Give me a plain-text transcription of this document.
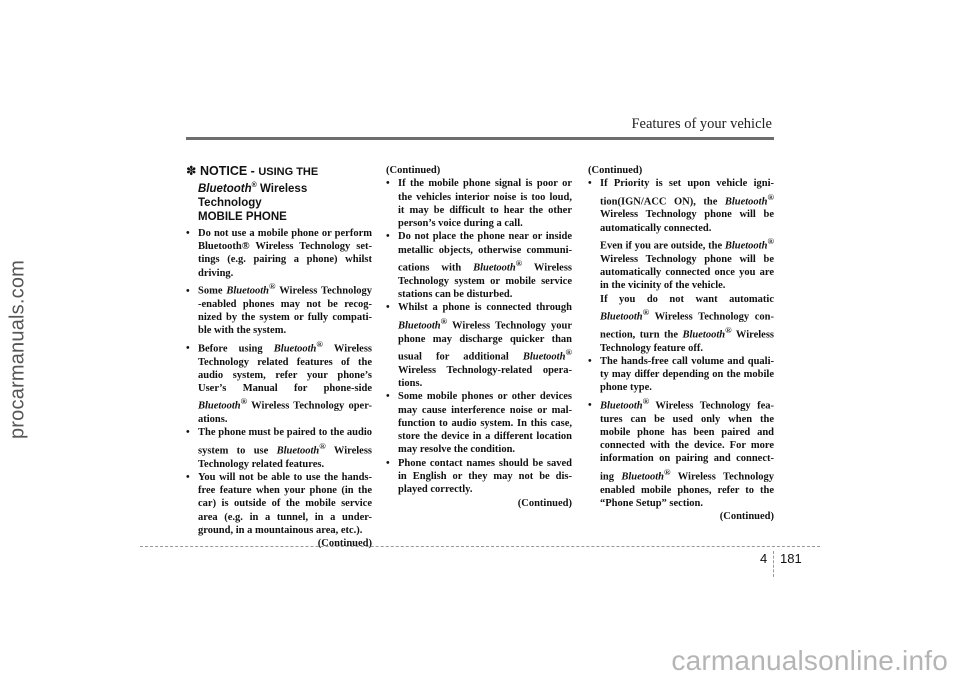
procarmanuals.com
Features of your vehicle
✽ NOTICE - USING THE
Bluetooth® Wireless Technology
MOBILE PHONE

• Do not use a mobile phone or perform Bluetooth® Wireless Technology set-tings (e.g. pairing a phone) whilst driving.

• Some Bluetooth® Wireless Technology -enabled phones may not be recog-nized by the system or fully compati-ble with the system.

• Before using Bluetooth® Wireless Technology related features of the audio system, refer your phone’s User’s Manual for phone-side Bluetooth® Wireless Technology oper-ations.

• The phone must be paired to the audio system to use Bluetooth® Wireless Technology related features.

• You will not be able to use the hands-free feature when your phone (in the car) is outside of the mobile service area (e.g. in a tunnel, in a under-ground, in a mountainous area, etc.).

(Continued)

(Continued)

• If the mobile phone signal is poor or the vehicles interior noise is too loud, it may be difficult to hear the other person’s voice during a call.

• Do not place the phone near or inside metallic objects, otherwise communi-cations with Bluetooth® Wireless Technology system or mobile service stations can be disturbed.

• Whilst a phone is connected through Bluetooth® Wireless Technology your phone may discharge quicker than usual for additional Bluetooth® Wireless Technology-related opera-tions.

• Some mobile phones or other devices may cause interference noise or mal-function to audio system. In this case, store the device in a different location may resolve the condition.

• Phone contact names should be saved in English or they may not be dis-played correctly.

(Continued)

(Continued)

• If Priority is set upon vehicle igni-tion(IGN/ACC ON), the Bluetooth® Wireless Technology phone will be automatically connected.

Even if you are outside, the Bluetooth® Wireless Technology phone will be automatically connected once you are in the vicinity of the vehicle.

If you do not want automatic Bluetooth® Wireless Technology con-nection, turn the Bluetooth® Wireless Technology feature off.

• The hands-free call volume and quali-ty may differ depending on the mobile phone type.

• Bluetooth® Wireless Technology fea-tures can be used only when the mobile phone has been paired and connected with the device. For more information on pairing and connect-ing Bluetooth® Wireless Technology enabled mobile phones, refer to the “Phone Setup” section.

(Continued)

4 181
carmanualsonline.info
